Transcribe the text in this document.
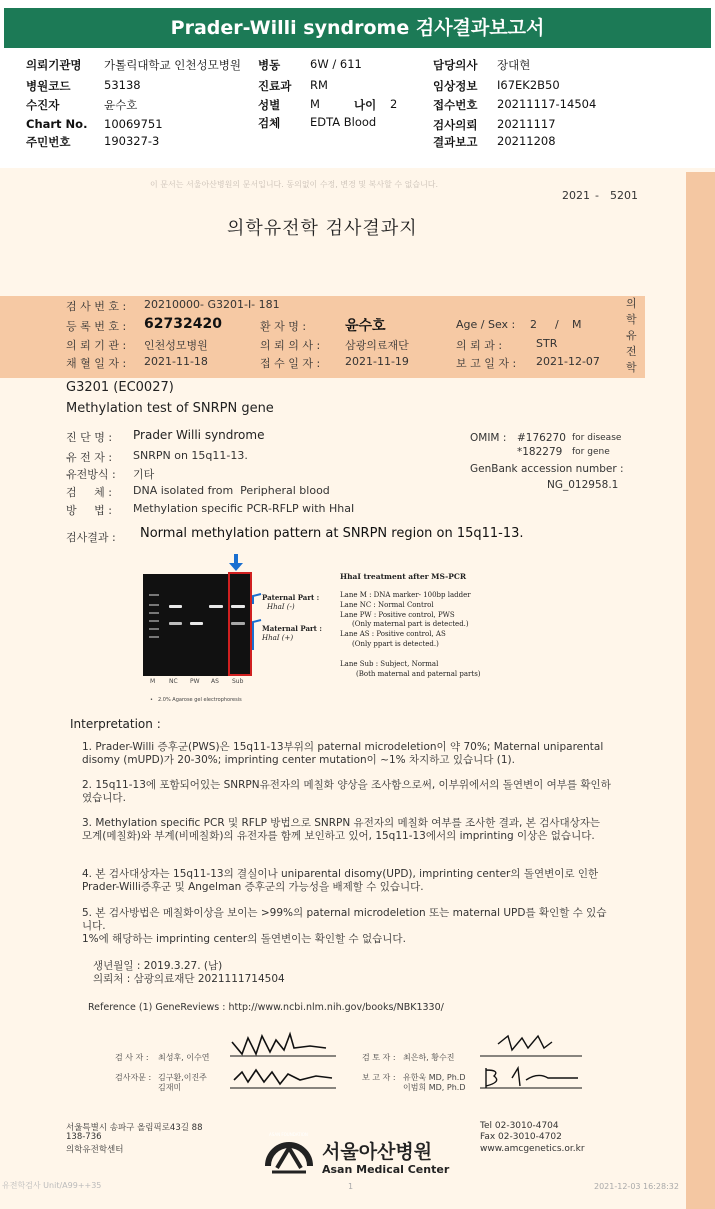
Prader-Willi syndrome 검사결과보고서
의뢰기관명 가톨릭대학교 인천성모병원 병동	6W / 611	담당의사 장대현
병원코드	53138	진료과 RM	임상정보 I67EK2B50
수진자	윤수호	성별	M	나이 2	접수번호 20211117-14504
Chart No. 10069751	검체	EDTA Blood	검사의뢰 20211117
주민번호	190327-3	결과보고 20211208
이 문서는 서울아산병원의 문서입니다. 동의없이 수정, 변경 및 복사할 수 없습니다.
2021 - 5201
의학유전학 검사결과지
의학유전학
검 사 번 호 : 20210000- G3201-I- 181
등 록 번 호 : 62732420	환 자 명 :	윤수호	Age / Sex : 2 / M
의 뢰 기 관 : 인천성모병원	의 뢰 의 사 : 삼광의료재단	의 뢰 과 :	STR
채 혈 일 자 : 2021-11-18	접 수 일 자 : 2021-11-19	보 고 일 자 : 2021-12-07
G3201 (EC0027)
Methylation test of SNRPN gene
진 단 명 : Prader Willi syndrome
유 전 자 : SNRPN on 15q11-13.
유전방식 : 기타
검     체 : DNA isolated from  Peripheral blood
방     법 : Methylation specific PCR-RFLP with HhaI
OMIM : #176270 for disease
*182279 for gene
GenBank accession number :
NG_012958.1
검사결과 : Normal methylation pattern at SNRPN region on 15q11-13.
M NC PW AS Sub
• 2.0% Agarose gel electrophoresis
Paternal Part :
HhaI (-)
Maternal Part :
HhaI (+)
HhaI treatment after MS-PCR
Lane M : DNA marker- 100bp ladder
Lane NC : Normal Control
Lane PW : Positive control, PWS
(Only maternal part is detected.)
Lane AS : Positive control, AS
(Only ppart is detected.)
Lane Sub : Subject, Normal
(Both maternal and paternal parts)
Interpretation :
1. Prader-Willi 증후군(PWS)은 15q11-13부위의 paternal microdeletion이 약 70%; Maternal uniparental disomy (mUPD)가 20-30%; imprinting center mutation이 ~1% 차지하고 있습니다 (1).
2. 15q11-13에 포함되어있는 SNRPN유전자의 메칠화 양상을 조사함으로써, 이부위에서의 돌연변이 여부를 확인하였습니다.
3. Methylation specific PCR 및 RFLP 방법으로 SNRPN 유전자의 메칠화 여부를 조사한 결과, 본 검사대상자는 모계(메칠화)와 부계(비메칠화)의 유전자를 함께 보인하고 있어, 15q11-13에서의 imprinting 이상은 없습니다.
4. 본 검사대상자는 15q11-13의 결실이나 uniparental disomy(UPD), imprinting center의 돌연변이로 인한 Prader-Willi증후군 및 Angelman 증후군의 가능성을 배제할 수 있습니다.
5. 본 검사방법은 메칠화이상을 보이는 >99%의 paternal microdeletion 또는 maternal UPD를 확인할 수 있습니다.
1%에 해당하는 imprinting center의 돌연변이는 확인할 수 없습니다.
생년월일 : 2019.3.27. (남)
의뢰처 : 삼광의료재단 2021111714504
Reference (1) GeneReviews : http://www.ncbi.nlm.nih.gov/books/NBK1330/
검 사 자 : 최성후, 이수연
검사자문 : 김구환,이진주
김재미
검 토 자 : 최은하, 황수진
보 고 자 : 유한욱 MD, Ph.D
이범희 MD, Ph.D
서울특별시 송파구 올림픽로43길 88
138-736
의학유전학센터
ASAN FOUNDATION
서울아산병원
Asan Medical Center
Tel 02-3010-4704
Fax 02-3010-4702
www.amcgenetics.or.kr
유전학검사 Unit/A99++35	1	2021-12-03 16:28:32
